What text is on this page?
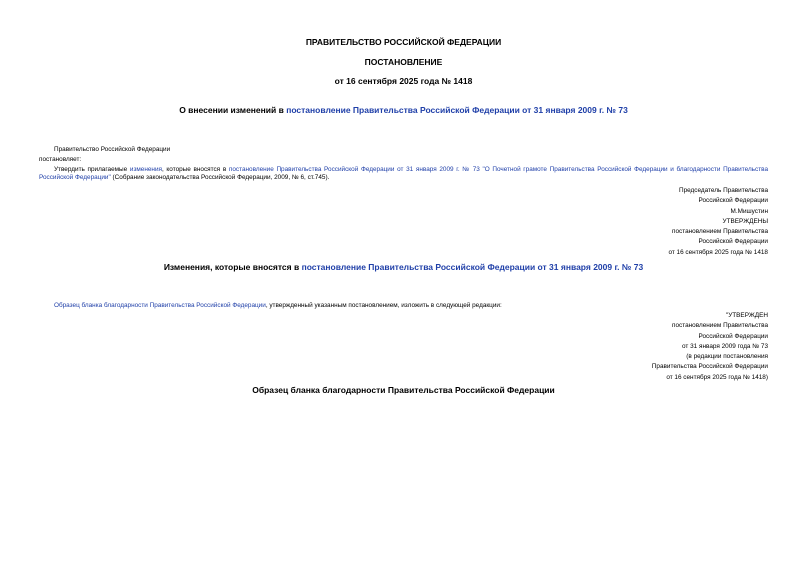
ПРАВИТЕЛЬСТВО РОССИЙСКОЙ ФЕДЕРАЦИИ
ПОСТАНОВЛЕНИЕ
от 16 сентября 2025 года № 1418
О внесении изменений в постановление Правительства Российской Федерации от 31 января 2009 г. № 73
Правительство Российской Федерации
постановляет:
Утвердить прилагаемые изменения, которые вносятся в постановление Правительства Российской Федерации от 31 января 2009 г. № 73 "О Почетной грамоте Правительства Российской Федерации и благодарности Правительства Российской Федерации" (Собрание законодательства Российской Федерации, 2009, № 6, ст.745).
Председатель Правительства
Российской Федерации
М.Мишустин
УТВЕРЖДЕНЫ
постановлением Правительства
Российской Федерации
от 16 сентября 2025 года № 1418
Изменения, которые вносятся в постановление Правительства Российской Федерации от 31 января 2009 г. № 73
Образец бланка благодарности Правительства Российской Федерации, утвержденный указанным постановлением, изложить в следующей редакции:
"УТВЕРЖДЕН
постановлением Правительства
Российской Федерации
от 31 января 2009 года № 73
(в редакции постановления
Правительства Российской Федерации
от 16 сентября 2025 года № 1418)
Образец бланка благодарности Правительства Российской Федерации
